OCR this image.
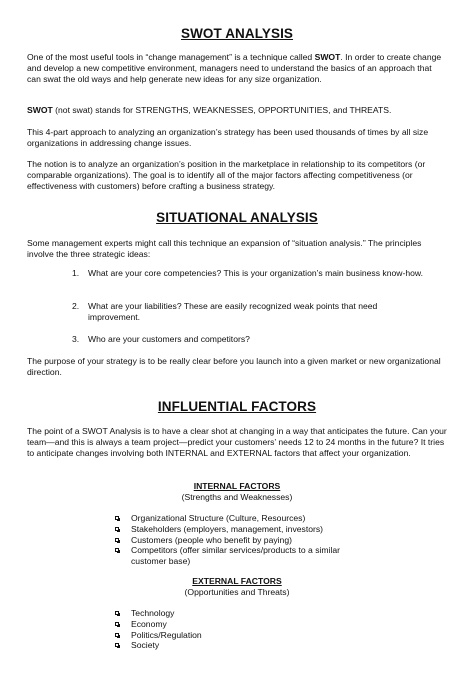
SWOT ANALYSIS

One of the most useful tools in “change management” is a technique called SWOT. In order to create change and develop a new competitive environment, managers need to understand the basics of an approach that can swat the old ways and help generate new ideas for any size organization.

SWOT (not swat) stands for STRENGTHS, WEAKNESSES, OPPORTUNITIES, and THREATS.

This 4-part approach to analyzing an organization’s strategy has been used thousands of times by all size organizations in addressing change issues.

The notion is to analyze an organization’s position in the marketplace in relationship to its competitors (or comparable organizations). The goal is to identify all of the major factors affecting competitiveness (or effectiveness with customers) before crafting a business strategy.

SITUATIONAL ANALYSIS

Some management experts might call this technique an expansion of “situation analysis.” The principles involve the three strategic ideas:

1.	What are your core competencies? This is your organization’s main business know-how.
2.	What are your liabilities? These are easily recognized weak points that need improvement.
3.	Who are your customers and competitors?

The purpose of your strategy is to be really clear before you launch into a given market or new organizational direction.

INFLUENTIAL FACTORS

The point of a SWOT Analysis is to have a clear shot at changing in a way that anticipates the future. Can your team—and this is always a team project—predict your customers’ needs 12 to 24 months in the future? It tries to anticipate changes involving both INTERNAL and EXTERNAL factors that affect your organization.

INTERNAL FACTORS
(Strengths and Weaknesses)
Organizational Structure (Culture, Resources)
Stakeholders (employers, management, investors)
Customers (people who benefit by paying)
Competitors (offer similar services/products to a similar customer base)
EXTERNAL FACTORS
(Opportunities and Threats)
Technology
Economy
Politics/Regulation
Society
